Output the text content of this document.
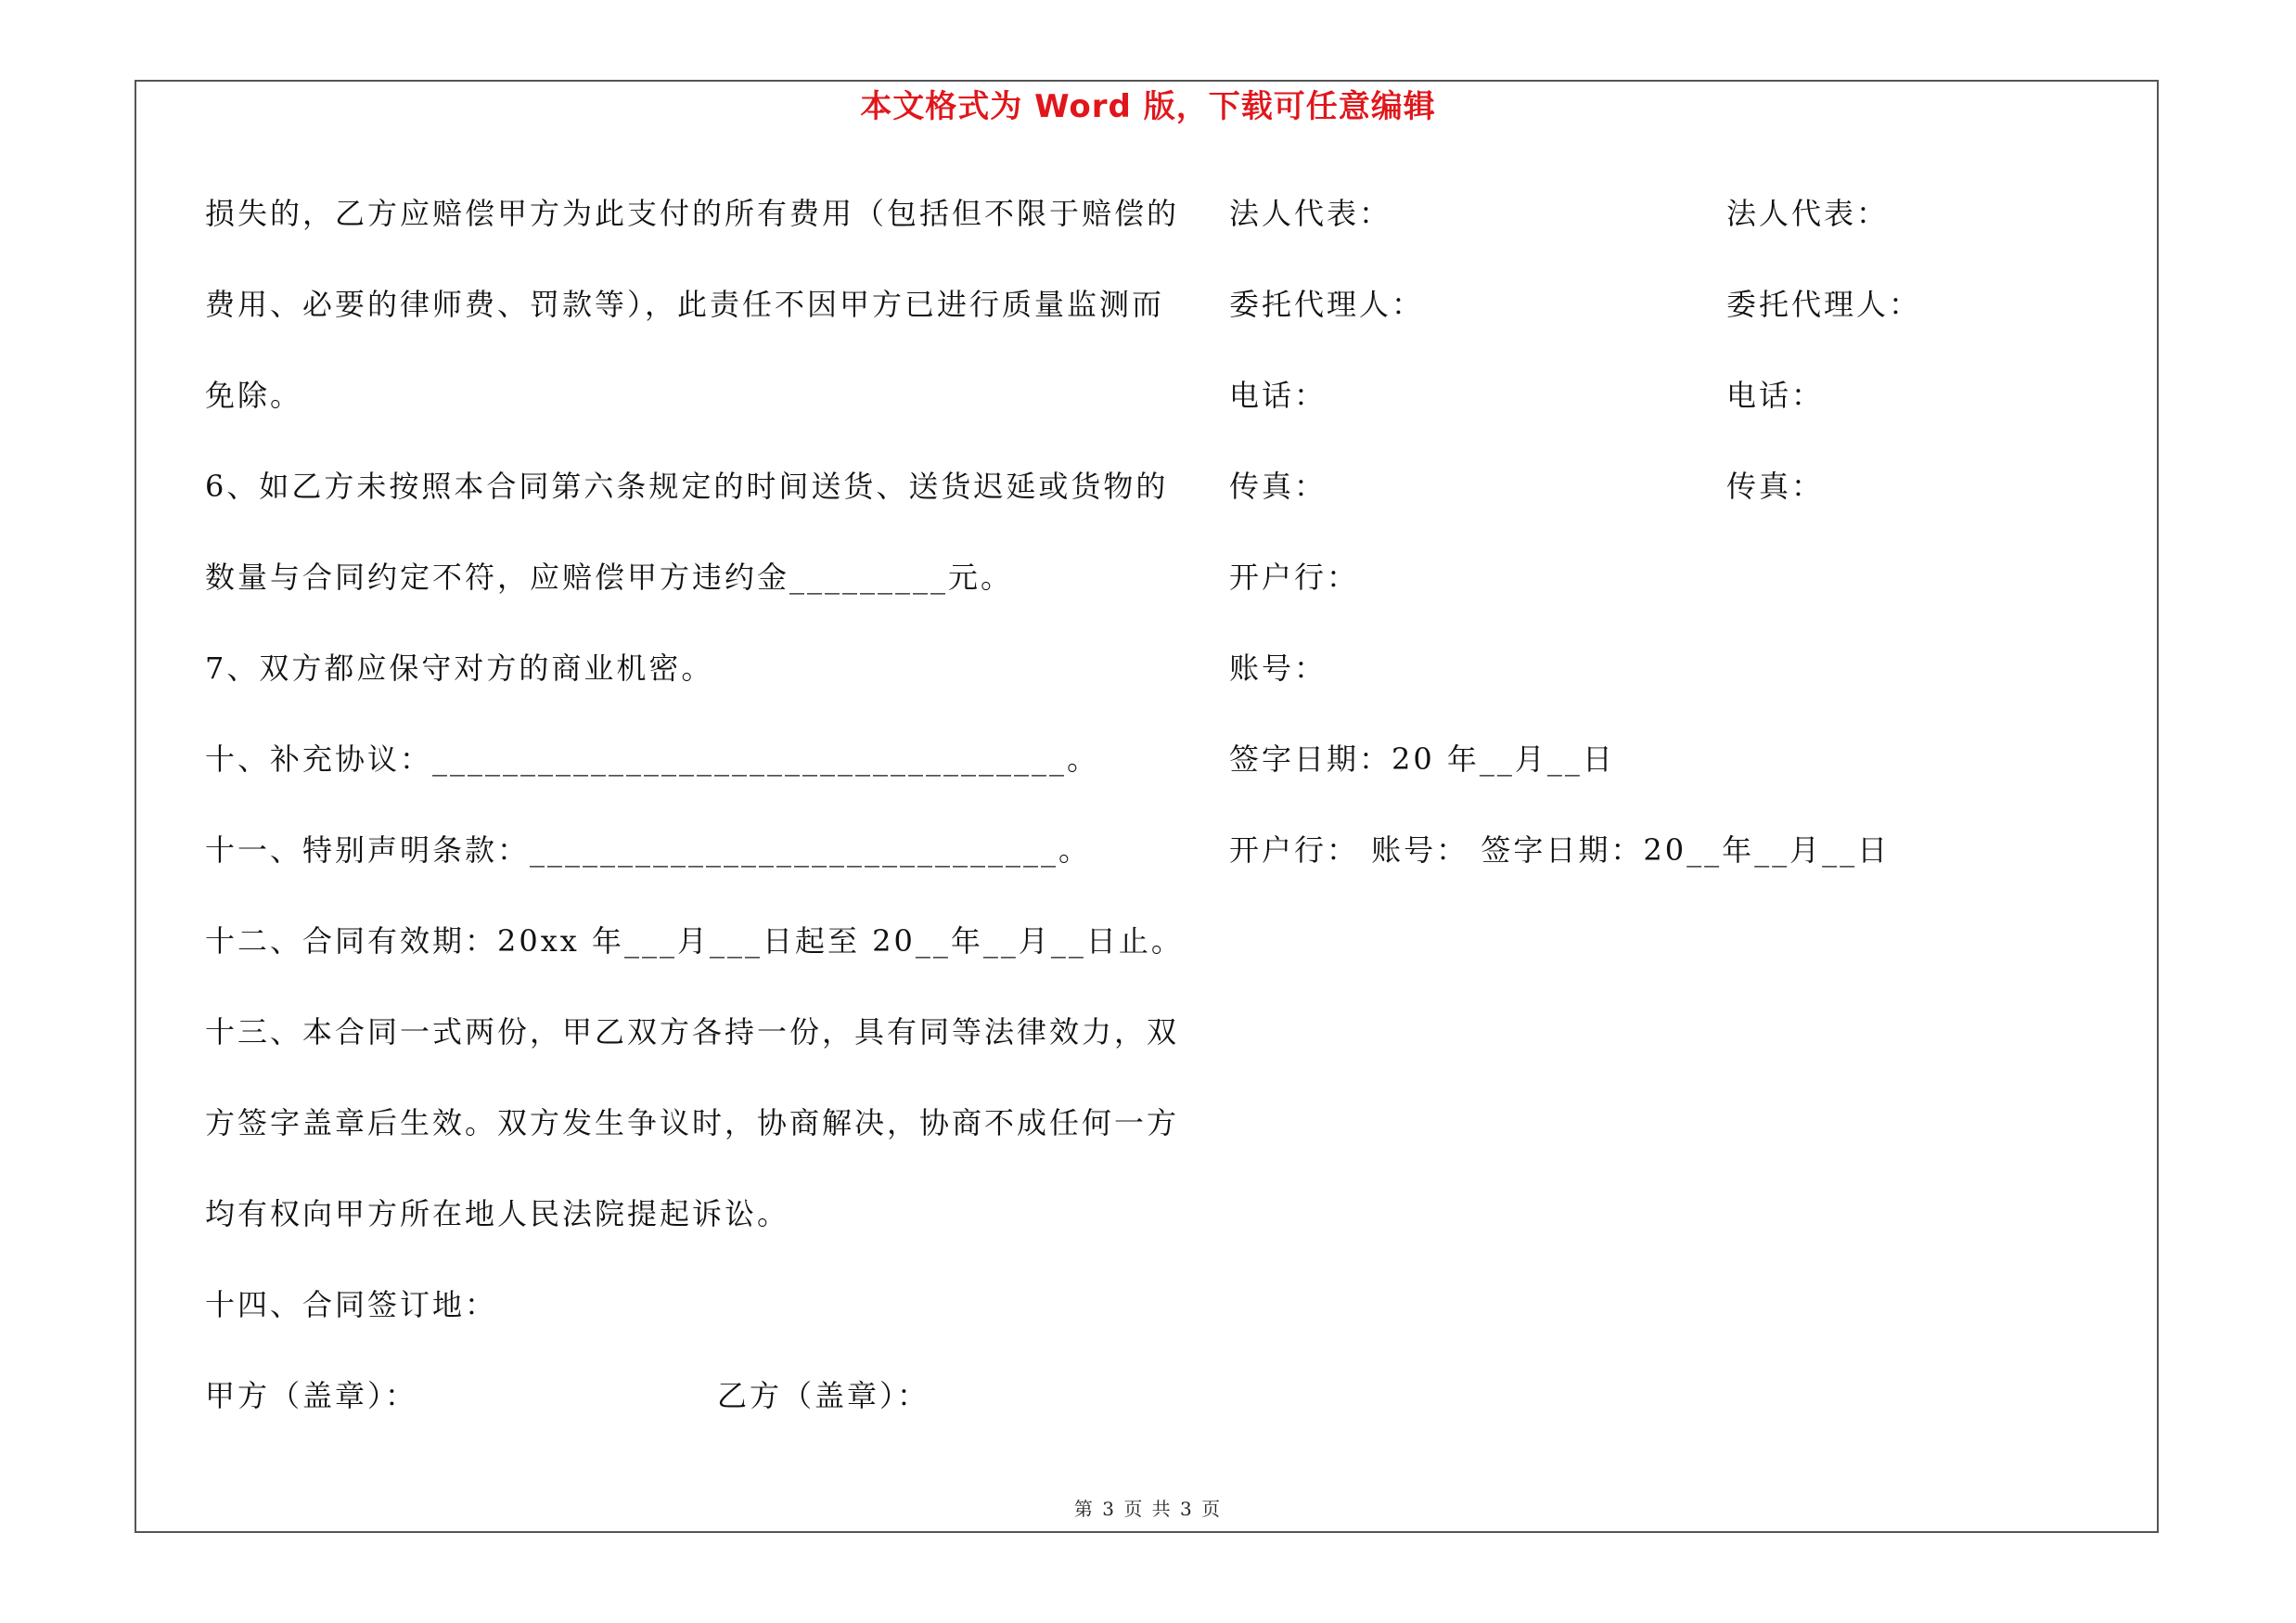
本文格式为 Word 版，下载可任意编辑
损失的，乙方应赔偿甲方为此支付的所有费用（包括但不限于赔偿的
费用、必要的律师费、罚款等），此责任不因甲方已进行质量监测而
免除。
6、如乙方未按照本合同第六条规定的时间送货、送货迟延或货物的
数量与合同约定不符，应赔偿甲方违约金_________元。
7、双方都应保守对方的商业机密。
十、补充协议：____________________________________。
十一、特别声明条款：______________________________。
十二、合同有效期：20xx 年___月___日起至 20__年__月__日止。
十三、本合同一式两份，甲乙双方各持一份，具有同等法律效力，双
方签字盖章后生效。双方发生争议时，协商解决，协商不成任何一方
均有权向甲方所在地人民法院提起诉讼。
十四、合同签订地：
甲方（盖章）：	乙方（盖章）：
法人代表：	法人代表：
委托代理人：	委托代理人：
电话：	电话：
传真：	传真：
开户行：
账号：
签字日期：20 年__月__日
开户行： 账号： 签字日期：20__年__月__日
第 3 页 共 3 页
